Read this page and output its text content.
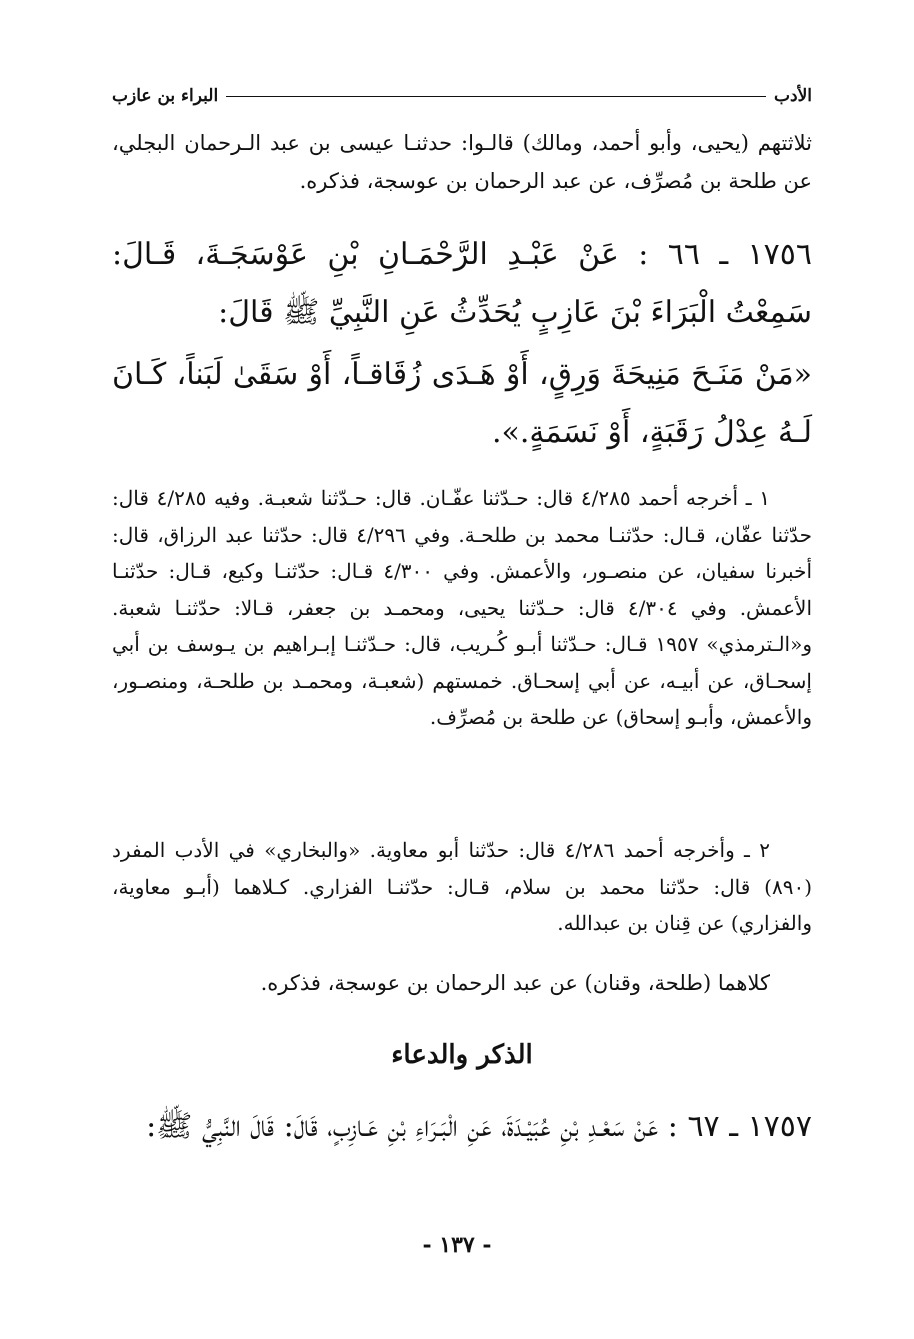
الأدب
البراء بن عازب

ثلاثتهم (يحيى، وأبو أحمد، ومالك) قالـوا: حدثنـا عيسى بن عبد الـرحمان البجلي، عن طلحة بن مُصرِّف، عن عبد الرحمان بن عوسجة، فذكره.

١٧٥٦ ـ ٦٦ : عَنْ عَبْـدِ الرَّحْمَـانِ بْنِ عَوْسَجَـةَ، قَـالَ: سَمِعْتُ الْبَرَاءَ بْنَ عَازِبٍ يُحَدِّثُ عَنِ النَّبِيِّ ﷺ قَالَ:

«مَنْ مَنَـحَ مَنِيحَةَ وَرِقٍ، أَوْ هَـدَى زُقَاقـاً، أَوْ سَقَىٰ لَبَناً، كَـانَ لَـهُ عِدْلُ رَقَبَةٍ، أَوْ نَسَمَةٍ.».

١ ـ أخرجه أحمد ٤/٢٨٥ قال: حـدّثنا عفّـان. قال: حـدّثنا شعبـة. وفيه ٤/٢٨٥ قال: حدّثنا عفّان، قـال: حدّثنـا محمد بن طلحـة. وفي ٤/٢٩٦ قال: حدّثنا عبد الرزاق، قال: أخبرنا سفيان، عن منصـور، والأعمش. وفي ٤/٣٠٠ قـال: حدّثنـا وكيع، قـال: حدّثنـا الأعمش. وفي ٤/٣٠٤ قال: حـدّثنا يحيى، ومحمـد بن جعفر، قـالا: حدّثنـا شعبة. و«الـترمذي» ١٩٥٧ قـال: حـدّثنا أبـو كُـريب، قال: حـدّثنـا إبـراهيم بن يـوسف بن أبي إسحـاق، عن أبيـه، عن أبي إسحـاق. خمستهم (شعبـة، ومحمـد بن طلحـة، ومنصـور، والأعمش، وأبـو إسحاق) عن طلحة بن مُصرِّف.

٢ ـ وأخرجه أحمد ٤/٢٨٦ قال: حدّثنا أبو معاوية. «والبخاري» في الأدب المفرد (٨٩٠) قال: حدّثنا محمد بن سلام، قـال: حدّثنـا الفزاري. كـلاهما (أبـو معاوية، والفزاري) عن قِنان بن عبدالله.

كلاهما (طلحة، وقنان) عن عبد الرحمان بن عوسجة، فذكره.

الذكر والدعاء

١٧٥٧ ـ ٦٧ : عَنْ سَعْـدِ بْنِ عُبَيْـدَةَ، عَنِ الْبَـرَاءِ بْنِ عَـازِبٍ، قَالَ: قَالَ النَّبِيُّ ﷺ:

- ١٣٧ -
